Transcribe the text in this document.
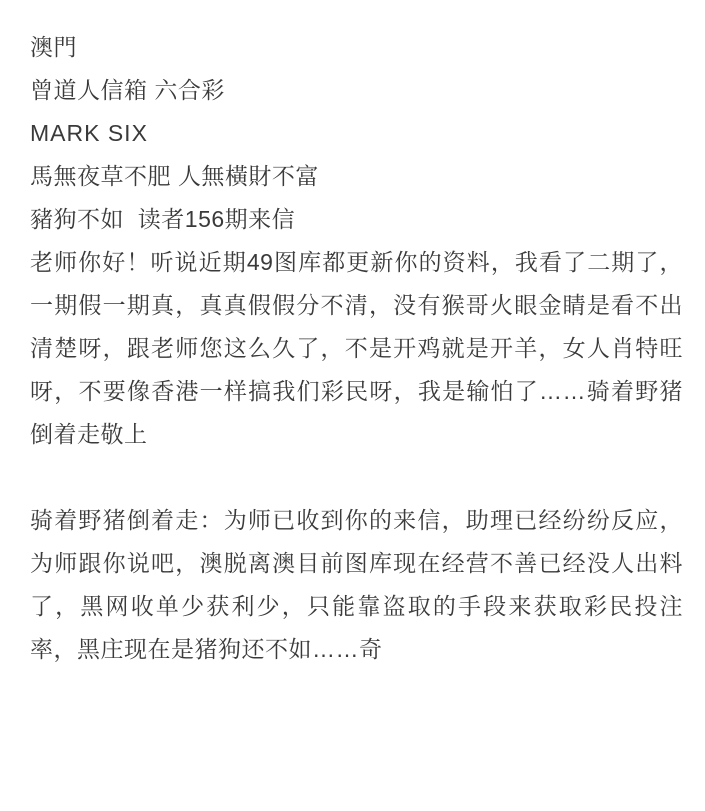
澳門
曾道人信箱 六合彩
MARK SIX
馬無夜草不肥 人無橫財不富
豬狗不如  读者156期来信

老师你好！听说近期49图库都更新你的资料，我看了二期了，一期假一期真，真真假假分不清，没有猴哥火眼金睛是看不出清楚呀，跟老师您这么久了，不是开鸡就是开羊，女人肖特旺呀，不要像香港一样搞我们彩民呀，我是输怕了……骑着野猪倒着走敬上

骑着野猪倒着走：为师已收到你的来信，助理已经纷纷反应，为师跟你说吧，澳脱离澳目前图库现在经营不善已经没人出料了，黑网收单少获利少，只能靠盗取的手段来获取彩民投注率，黑庄现在是猪狗还不如……奇
